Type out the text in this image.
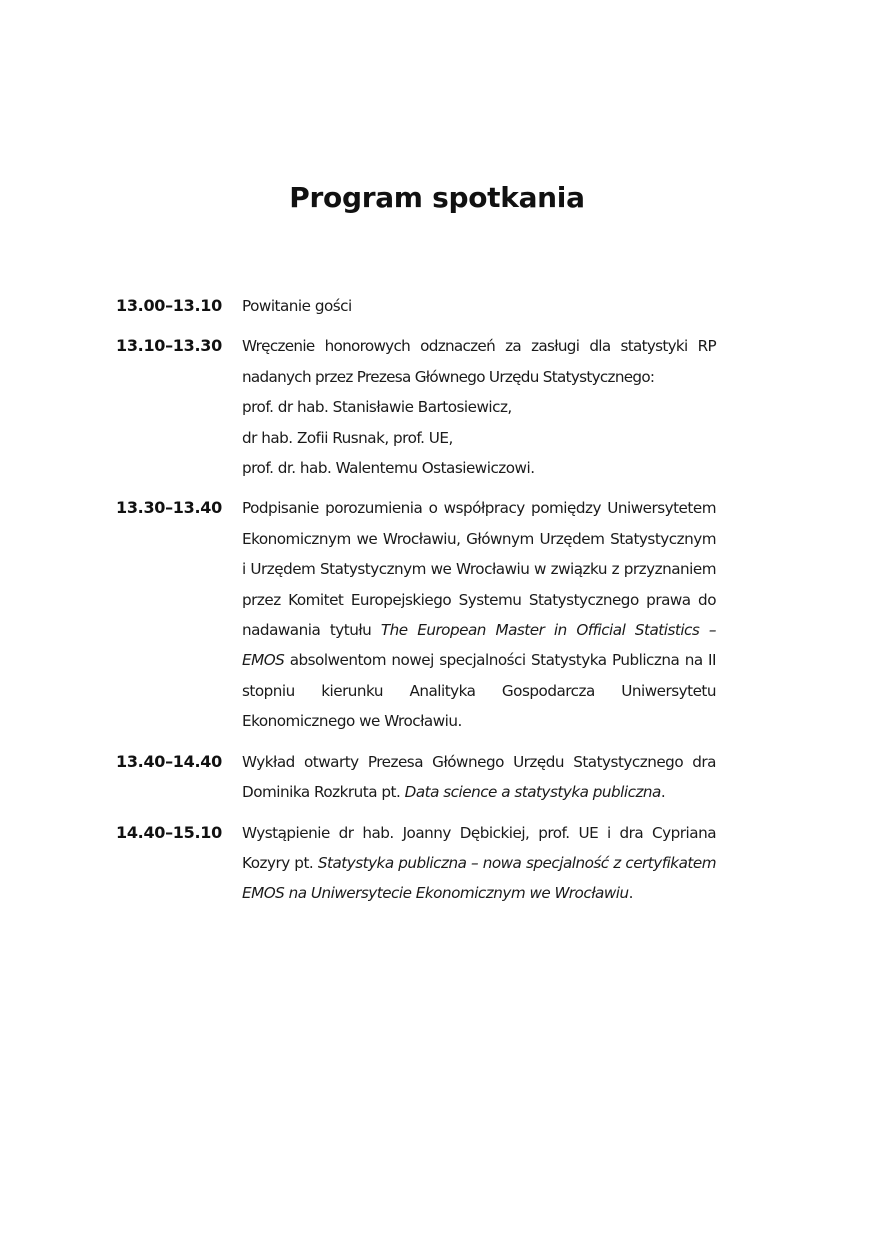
Program spotkania
13.00–13.10	Powitanie gości
13.10–13.30	Wręczenie honorowych odznaczeń za zasługi dla statystyki RP nadanych przez Prezesa Głównego Urzędu Statystycznego:
prof. dr hab. Stanisławie Bartosiewicz,
dr hab. Zofii Rusnak, prof. UE,
prof. dr. hab. Walentemu Ostasiewiczowi.
13.30–13.40	Podpisanie porozumienia o współpracy pomiędzy Uniwersytetem Ekonomicznym we Wrocławiu, Głównym Urzędem Statystycznym i Urzędem Statystycznym we Wrocławiu w związku z przyznaniem przez Komitet Europejskiego Systemu Statystycznego prawa do nadawania tytułu The European Master in Official Statistics – EMOS absolwentom nowej specjalności Statystyka Publiczna na II stopniu kierunku Analityka Gospodarcza Uniwersytetu Ekonomicznego we Wrocławiu.
13.40–14.40	Wykład otwarty Prezesa Głównego Urzędu Statystycznego dra Dominika Rozkruta pt. Data science a statystyka publiczna.
14.40–15.10	Wystąpienie dr hab. Joanny Dębickiej, prof. UE i dra Cypriana Kozyry pt. Statystyka publiczna – nowa specjalność z certyfikatem EMOS na Uniwersytecie Ekonomicznym we Wrocławiu.
